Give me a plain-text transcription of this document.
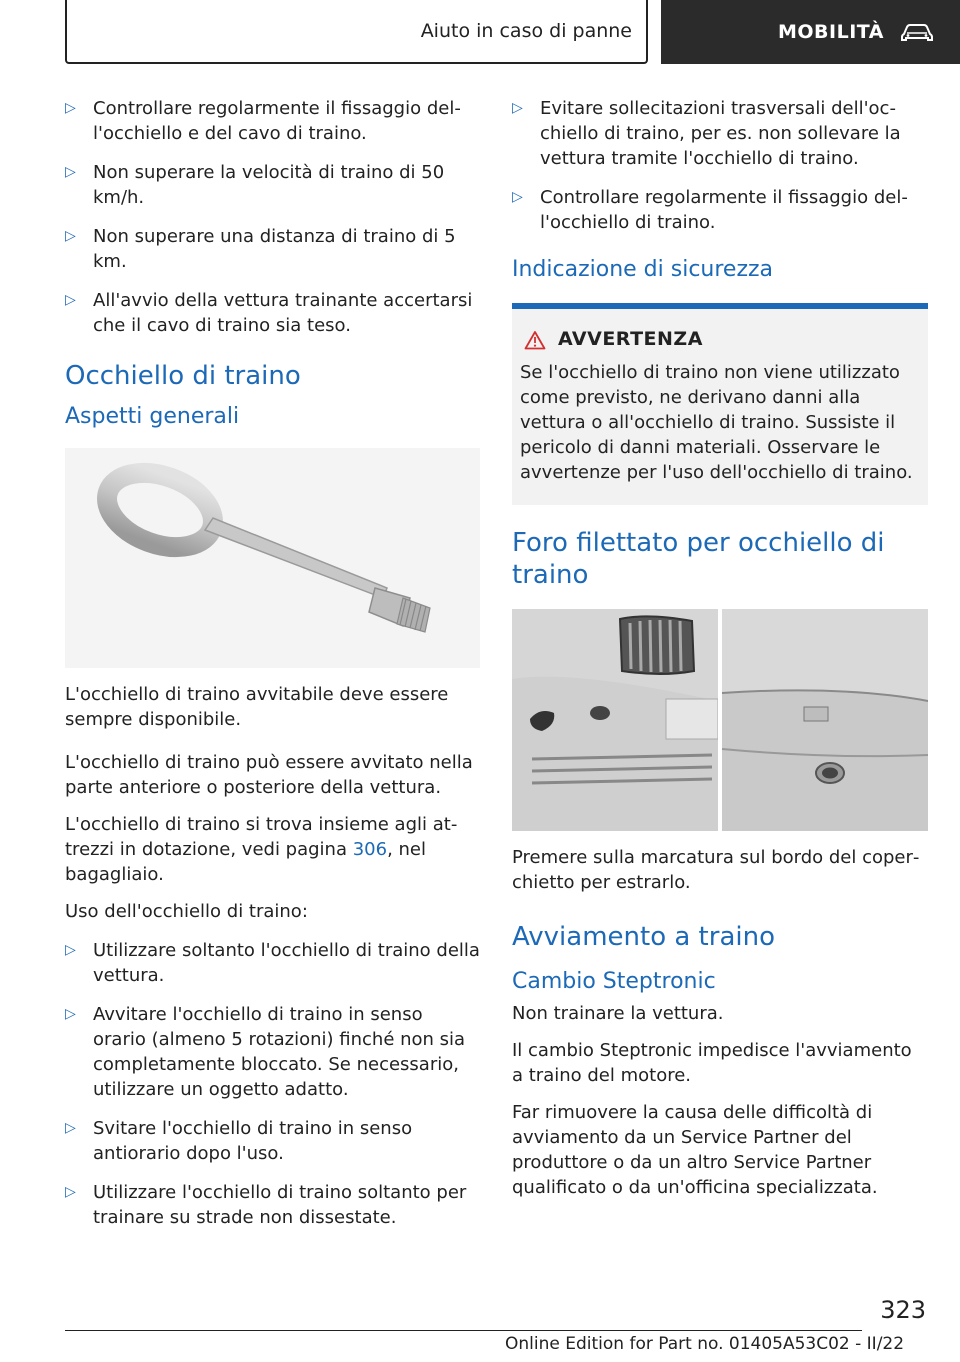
Aiuto in caso di panne	MOBILITÀ
▷ Controllare regolarmente il fissaggio dell'occhiello e del cavo di traino.
▷ Non superare la velocità di traino di 50 km/h.
▷ Non superare una distanza di traino di 5 km.
▷ All'avvio della vettura trainante accertarsi che il cavo di traino sia teso.
Occhiello di traino
Aspetti generali

L'occhiello di traino avvitabile deve essere sempre disponibile.

L'occhiello di traino può essere avvitato nella parte anteriore o posteriore della vettura.

L'occhiello di traino si trova insieme agli attrezzi in dotazione, vedi pagina 306, nel bagagliaio.

Uso dell'occhiello di traino:

▷ Utilizzare soltanto l'occhiello di traino della vettura.
▷ Avvitare l'occhiello di traino in senso orario (almeno 5 rotazioni) finché non sia completamente bloccato. Se necessario, utilizzare un oggetto adatto.
▷ Svitare l'occhiello di traino in senso antiorario dopo l'uso.
▷ Utilizzare l'occhiello di traino soltanto per trainare su strade non dissestate.
▷ Evitare sollecitazioni trasversali dell'occhiello di traino, per es. non sollevare la vettura tramite l'occhiello di traino.
▷ Controllare regolarmente il fissaggio dell'occhiello di traino.
Indicazione di sicurezza
AVVERTENZA
Se l'occhiello di traino non viene utilizzato come previsto, ne derivano danni alla vettura o all'occhiello di traino. Sussiste il pericolo di danni materiali. Osservare le avvertenze per l'uso dell'occhiello di traino.
Foro filettato per occhiello di traino

Premere sulla marcatura sul bordo del coperchietto per estrarlo.

Avviamento a traino
Cambio Steptronic

Non trainare la vettura.

Il cambio Steptronic impedisce l'avviamento a traino del motore.

Far rimuovere la causa delle difficoltà di avviamento da un Service Partner del produttore o da un altro Service Partner qualificato o da un'officina specializzata.

323
Online Edition for Part no. 01405A53C02 - II/22
